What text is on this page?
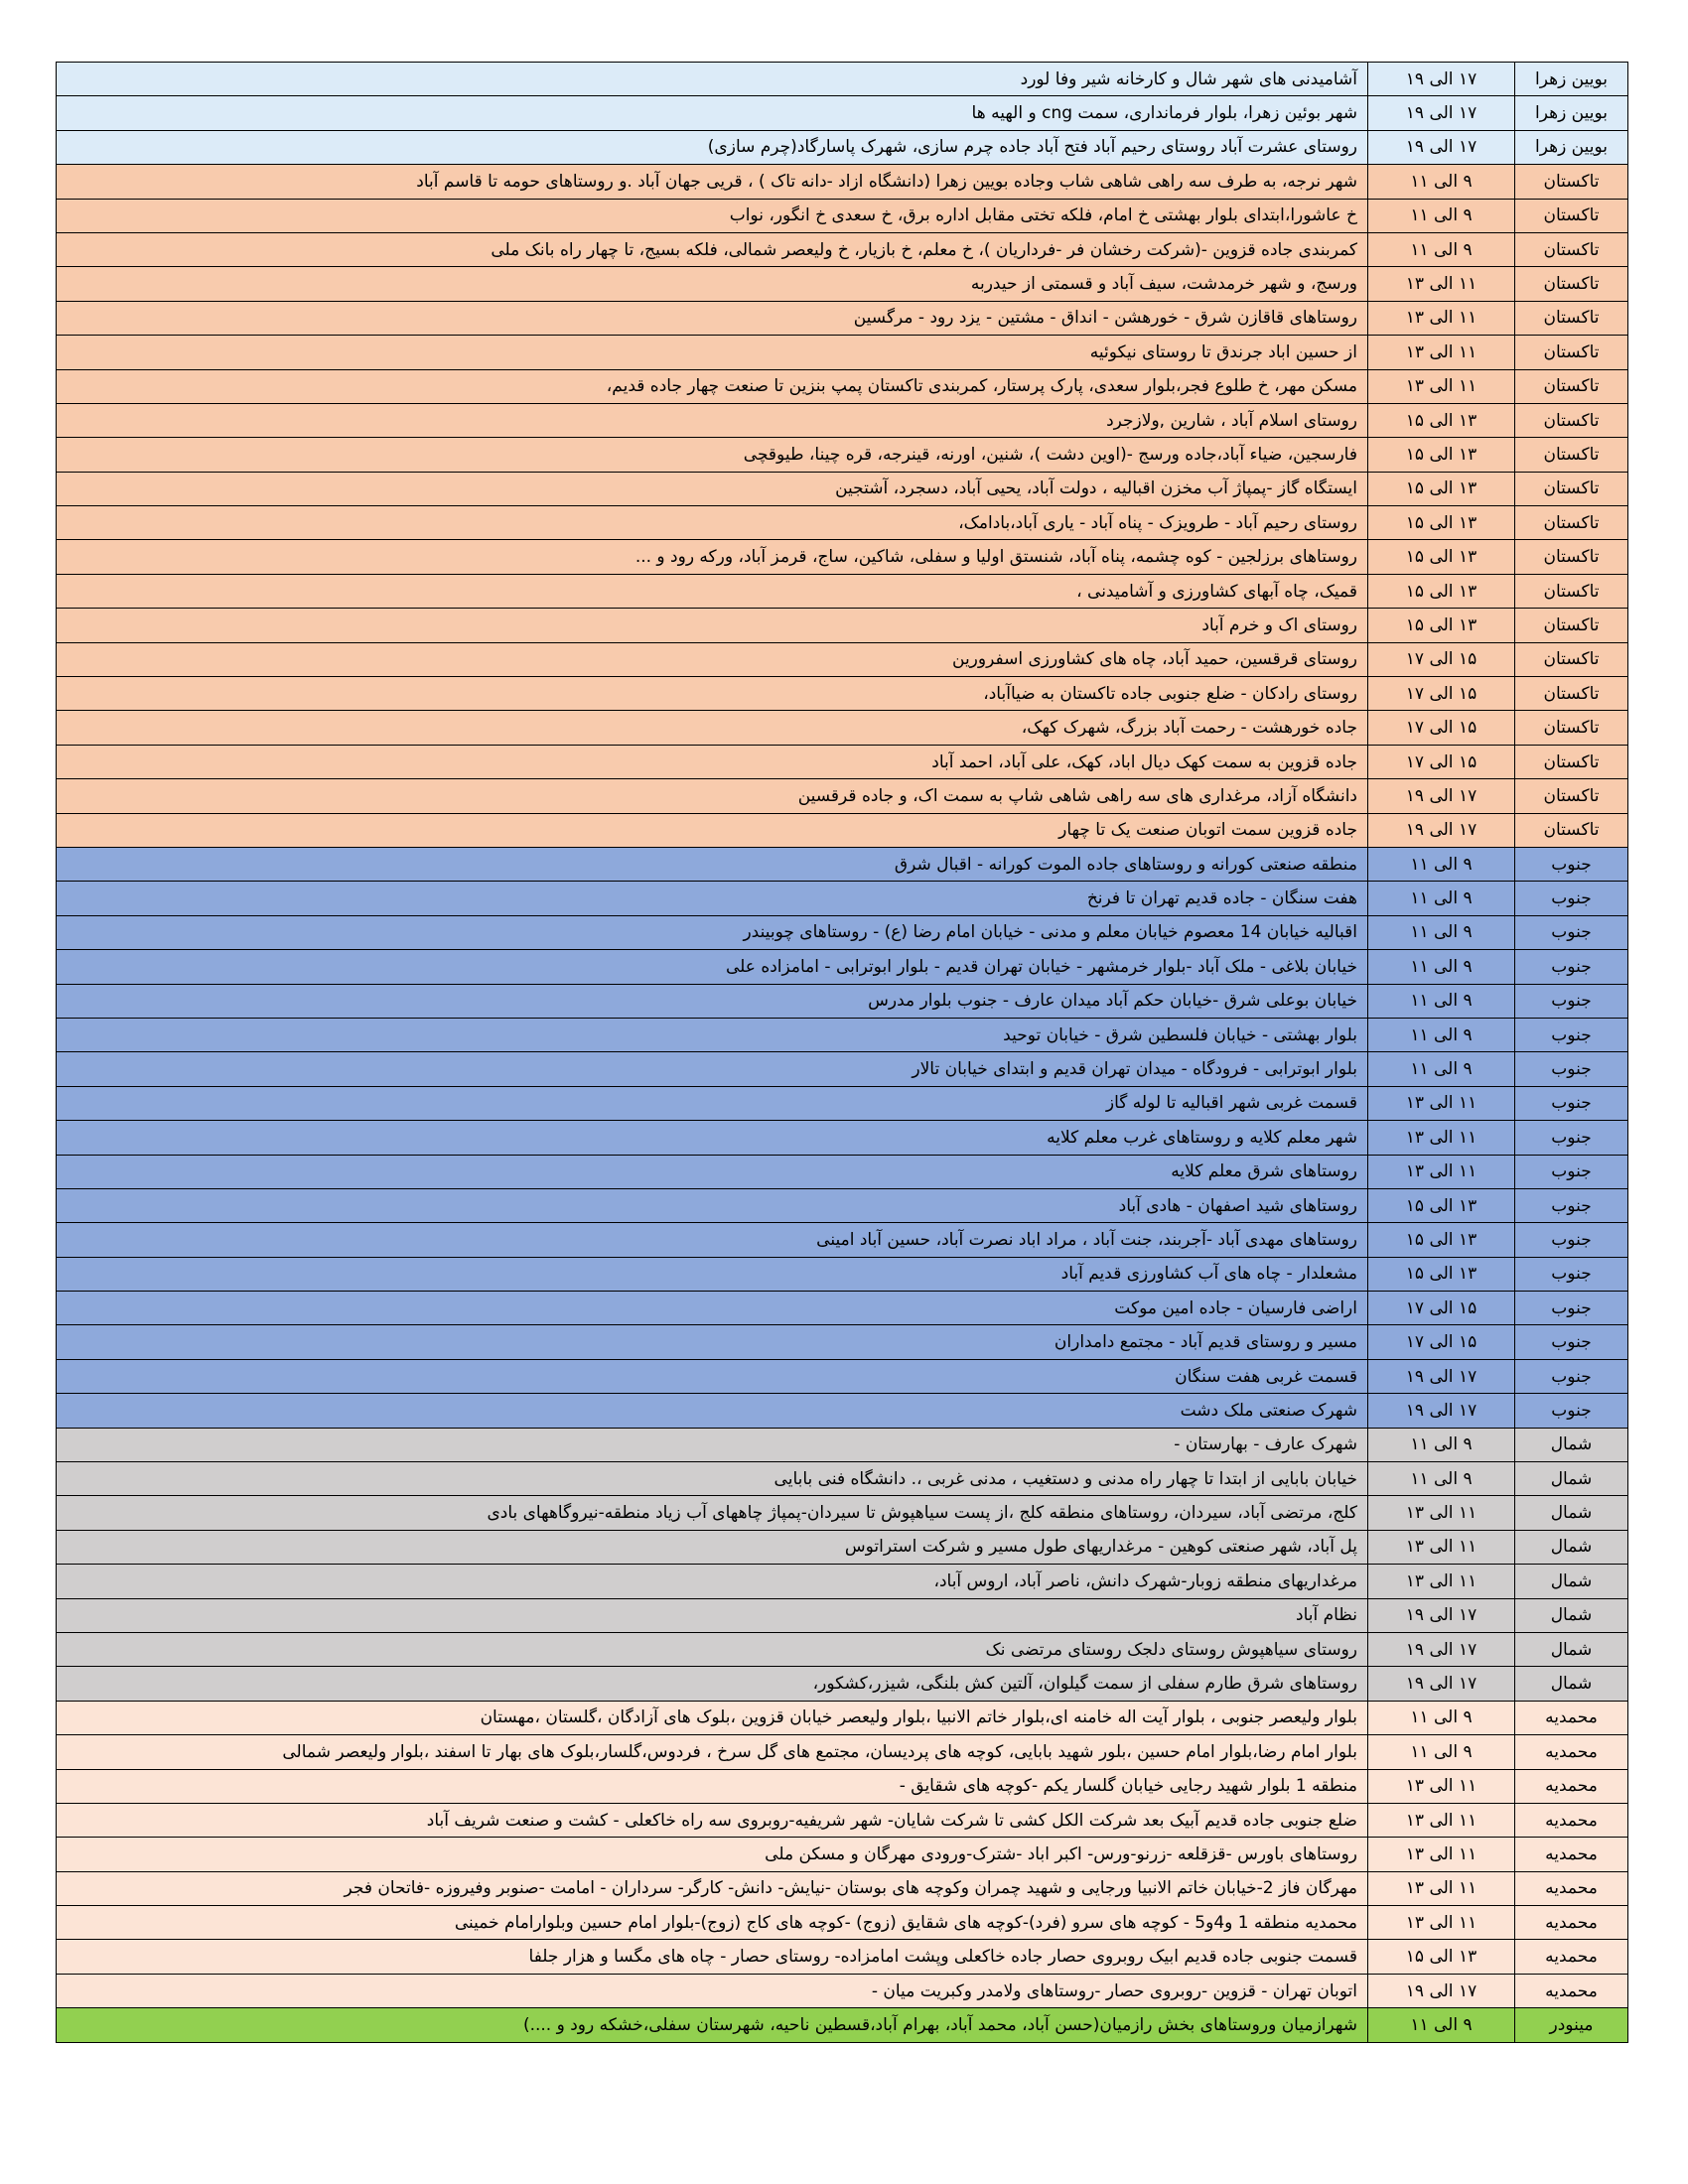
بویین زهرا	۱۷ الی ۱۹	آشامیدنی های شهر شال و کارخانه شیر وفا لورد
بویین زهرا	۱۷ الی ۱۹	شهر بوئین زهرا، بلوار فرمانداری، سمت cng و الهیه ها
بویین زهرا	۱۷ الی ۱۹	روستای عشرت آباد روستای رحیم آباد فتح آباد جاده چرم سازی، شهرک پاسارگاد(چرم سازی)
تاکستان	۹ الی ۱۱	شهر نرجه، به طرف سه راهی شاهی شاب وجاده بویین زهرا (دانشگاه ازاد -دانه تاک ) ، قریی جهان آباد .و روستاهای حومه تا قاسم آباد
تاکستان	۹ الی ۱۱	خ عاشورا،ابتدای بلوار بهشتی خ امام، فلکه تختی مقابل اداره برق، خ سعدی خ انگور، نواب
تاکستان	۹ الی ۱۱	کمربندی جاده قزوین -(شرکت رخشان فر -فرداریان )، خ معلم، خ بازیار، خ ولیعصر شمالی، فلکه بسیج، تا چهار راه بانک ملی
تاکستان	۱۱ الی ۱۳	ورسج، و شهر خرمدشت، سیف آباد و قسمتی از حیدربه
تاکستان	۱۱ الی ۱۳	روستاهای قاقازن شرق - خورهشن - انداق - مشتین - یزد رود - مرگسین
تاکستان	۱۱ الی ۱۳	از حسین اباد جرندق تا روستای نیکوئیه
تاکستان	۱۱ الی ۱۳	مسکن مهر، خ طلوع فجر،بلوار سعدی، پارک پرستار، کمربندی تاکستان پمپ بنزین تا صنعت چهار جاده قدیم،
تاکستان	۱۳ الی ۱۵	روستای اسلام آباد ، شارین ,ولازجرد
تاکستان	۱۳ الی ۱۵	فارسجین، ضیاء آباد،جاده ورسج -(اوین دشت )، شنین، اورنه، قینرجه، قره چینا، طیوقچی
تاکستان	۱۳ الی ۱۵	ایستگاه گاز -پمپاژ آب مخزن اقبالیه ، دولت آباد، یحیی آباد، دسجرد، آشتجین
تاکستان	۱۳ الی ۱۵	روستای رحیم آباد - طرویزک - پناه آباد - یاری آباد،بادامک،
تاکستان	۱۳ الی ۱۵	روستاهای برزلجین - کوه چشمه، پناه آباد، شنستق اولیا و سفلی، شاکین، ساج، قرمز آباد، ورکه رود و ...
تاکستان	۱۳ الی ۱۵	قمیک، چاه آبهای کشاورزی و آشامیدنی ،
تاکستان	۱۳ الی ۱۵	روستای اک و خرم آباد
تاکستان	۱۵ الی ۱۷	روستای قرقسین، حمید آباد، چاه های کشاورزی اسفرورین
تاکستان	۱۵ الی ۱۷	روستای رادکان - ضلع جنوبی جاده تاکستان به ضیاآباد،
تاکستان	۱۵ الی ۱۷	جاده خورهشت - رحمت آباد بزرگ، شهرک کهک،
تاکستان	۱۵ الی ۱۷	جاده قزوین به سمت کهک دیال اباد، کهک، علی آباد، احمد آباد
تاکستان	۱۷ الی ۱۹	دانشگاه آزاد، مرغداری های سه راهی شاهی شاپ به سمت اک، و جاده قرقسین
تاکستان	۱۷ الی ۱۹	جاده قزوین سمت اتوبان صنعت یک تا چهار
جنوب	۹ الی ۱۱	منطقه صنعتی کورانه و روستاهای جاده الموت کورانه - اقبال شرق
جنوب	۹ الی ۱۱	هفت سنگان - جاده قدیم تهران تا فرنخ
جنوب	۹ الی ۱۱	اقبالیه خیابان 14 معصوم خیابان معلم و مدنی - خیابان امام رضا (ع) - روستاهای چوبیندر
جنوب	۹ الی ۱۱	خیابان بلاغی - ملک آباد -بلوار خرمشهر - خیابان تهران قدیم - بلوار ابوترابی - امامزاده علی
جنوب	۹ الی ۱۱	خیابان بوعلی شرق -خیابان حکم آباد میدان عارف - جنوب بلوار مدرس
جنوب	۹ الی ۱۱	بلوار بهشتی - خیابان فلسطین شرق - خیابان توحید
جنوب	۹ الی ۱۱	بلوار ابوترابی - فرودگاه - میدان تهران قدیم و ابتدای خیابان تالار
جنوب	۱۱ الی ۱۳	قسمت غربی شهر اقبالیه تا لوله گاز
جنوب	۱۱ الی ۱۳	شهر معلم کلایه و روستاهای غرب معلم کلایه
جنوب	۱۱ الی ۱۳	روستاهای شرق معلم کلایه
جنوب	۱۳ الی ۱۵	روستاهای شید اصفهان - هادی آباد
جنوب	۱۳ الی ۱۵	روستاهای مهدی آباد -آجربند، جنت آباد ، مراد اباد نصرت آباد، حسین آباد امینی
جنوب	۱۳ الی ۱۵	مشعلدار - چاه های آب کشاورزی قدیم آباد
جنوب	۱۵ الی ۱۷	اراضی فارسیان - جاده امین موکت
جنوب	۱۵ الی ۱۷	مسیر و روستای قدیم آباد - مجتمع دامداران
جنوب	۱۷ الی ۱۹	قسمت غربی هفت سنگان
جنوب	۱۷ الی ۱۹	شهرک صنعتی ملک دشت
شمال	۹ الی ۱۱	شهرک عارف - بهارستان -
شمال	۹ الی ۱۱	خیابان بابایی از ابتدا تا چهار راه مدنی و دستغیب ، مدنی غربی ،. دانشگاه فنی بابایی
شمال	۱۱ الی ۱۳	کلج، مرتضی آباد، سیردان، روستاهای منطقه کلج ،از پست سیاهپوش تا سیردان-پمپاژ چاههای آب زیاد منطقه-نیروگاههای بادی
شمال	۱۱ الی ۱۳	پل آباد، شهر صنعتی کوهین - مرغداریهای طول مسیر و شرکت استراتوس
شمال	۱۱ الی ۱۳	مرغداریهای منطقه زوبار-شهرک دانش، ناصر آباد، اروس آباد،
شمال	۱۷ الی ۱۹	نظام آباد
شمال	۱۷ الی ۱۹	روستای سیاهپوش روستای دلجک روستای مرتضی نک
شمال	۱۷ الی ۱۹	روستاهای شرق طارم سفلی از سمت گیلوان، آلتین کش بلنگی، شیزر،کشکور،
محمدیه	۹ الی ۱۱	بلوار ولیعصر جنوبی ، بلوار آیت اله خامنه ای،بلوار خاتم الانبیا ،بلوار ولیعصر خیابان قزوین ،بلوک های آزادگان ،گلستان ،مهستان
محمدیه	۹ الی ۱۱	بلوار امام رضا،بلوار امام حسین ،بلور شهید بابایی، کوچه های پردیسان، مجتمع های گل سرخ ، فردوس،گلسار،بلوک های بهار تا اسفند ،بلوار ولیعصر شمالی
محمدیه	۱۱ الی ۱۳	منطقه 1 بلوار شهید رجایی خیابان گلسار یکم -کوچه های شقایق -
محمدیه	۱۱ الی ۱۳	ضلع جنوبی جاده قدیم آبیک بعد شرکت الکل کشی تا شرکت شایان- شهر شریفیه-روبروی سه راه خاکعلی - کشت و صنعت شریف آباد
محمدیه	۱۱ الی ۱۳	روستاهای باورس -قزقلعه -زرنو-ورس- اکبر اباد -شترک-ورودی مهرگان و مسکن ملی
محمدیه	۱۱ الی ۱۳	مهرگان فاز 2-خیابان خاتم الانبیا ورجایی و شهید چمران وکوچه های بوستان -نیایش- دانش- کارگر- سرداران - امامت -صنوبر وفیروزه -فاتحان فجر
محمدیه	۱۱ الی ۱۳	محمدیه منطقه 1 و4و5 - کوچه های سرو (فرد)-کوچه های شقایق (زوج) -کوچه های کاج (زوج)-بلوار امام حسین وبلوارامام خمینی
محمدیه	۱۳ الی ۱۵	قسمت جنوبی جاده قدیم ابیک روبروی حصار جاده خاکعلی وپشت امامزاده- روستای حصار - چاه های مگسا و هزار جلفا
محمدیه	۱۷ الی ۱۹	اتوبان تهران - قزوین -روبروی حصار -روستاهای ولامدر وکبریت میان -
مینودر	۹ الی ۱۱	شهرازمیان وروستاهای بخش رازمیان(حسن آباد، محمد آباد، بهرام آباد،قسطین ناحیه، شهرستان سفلی،خشکه رود و ....)
